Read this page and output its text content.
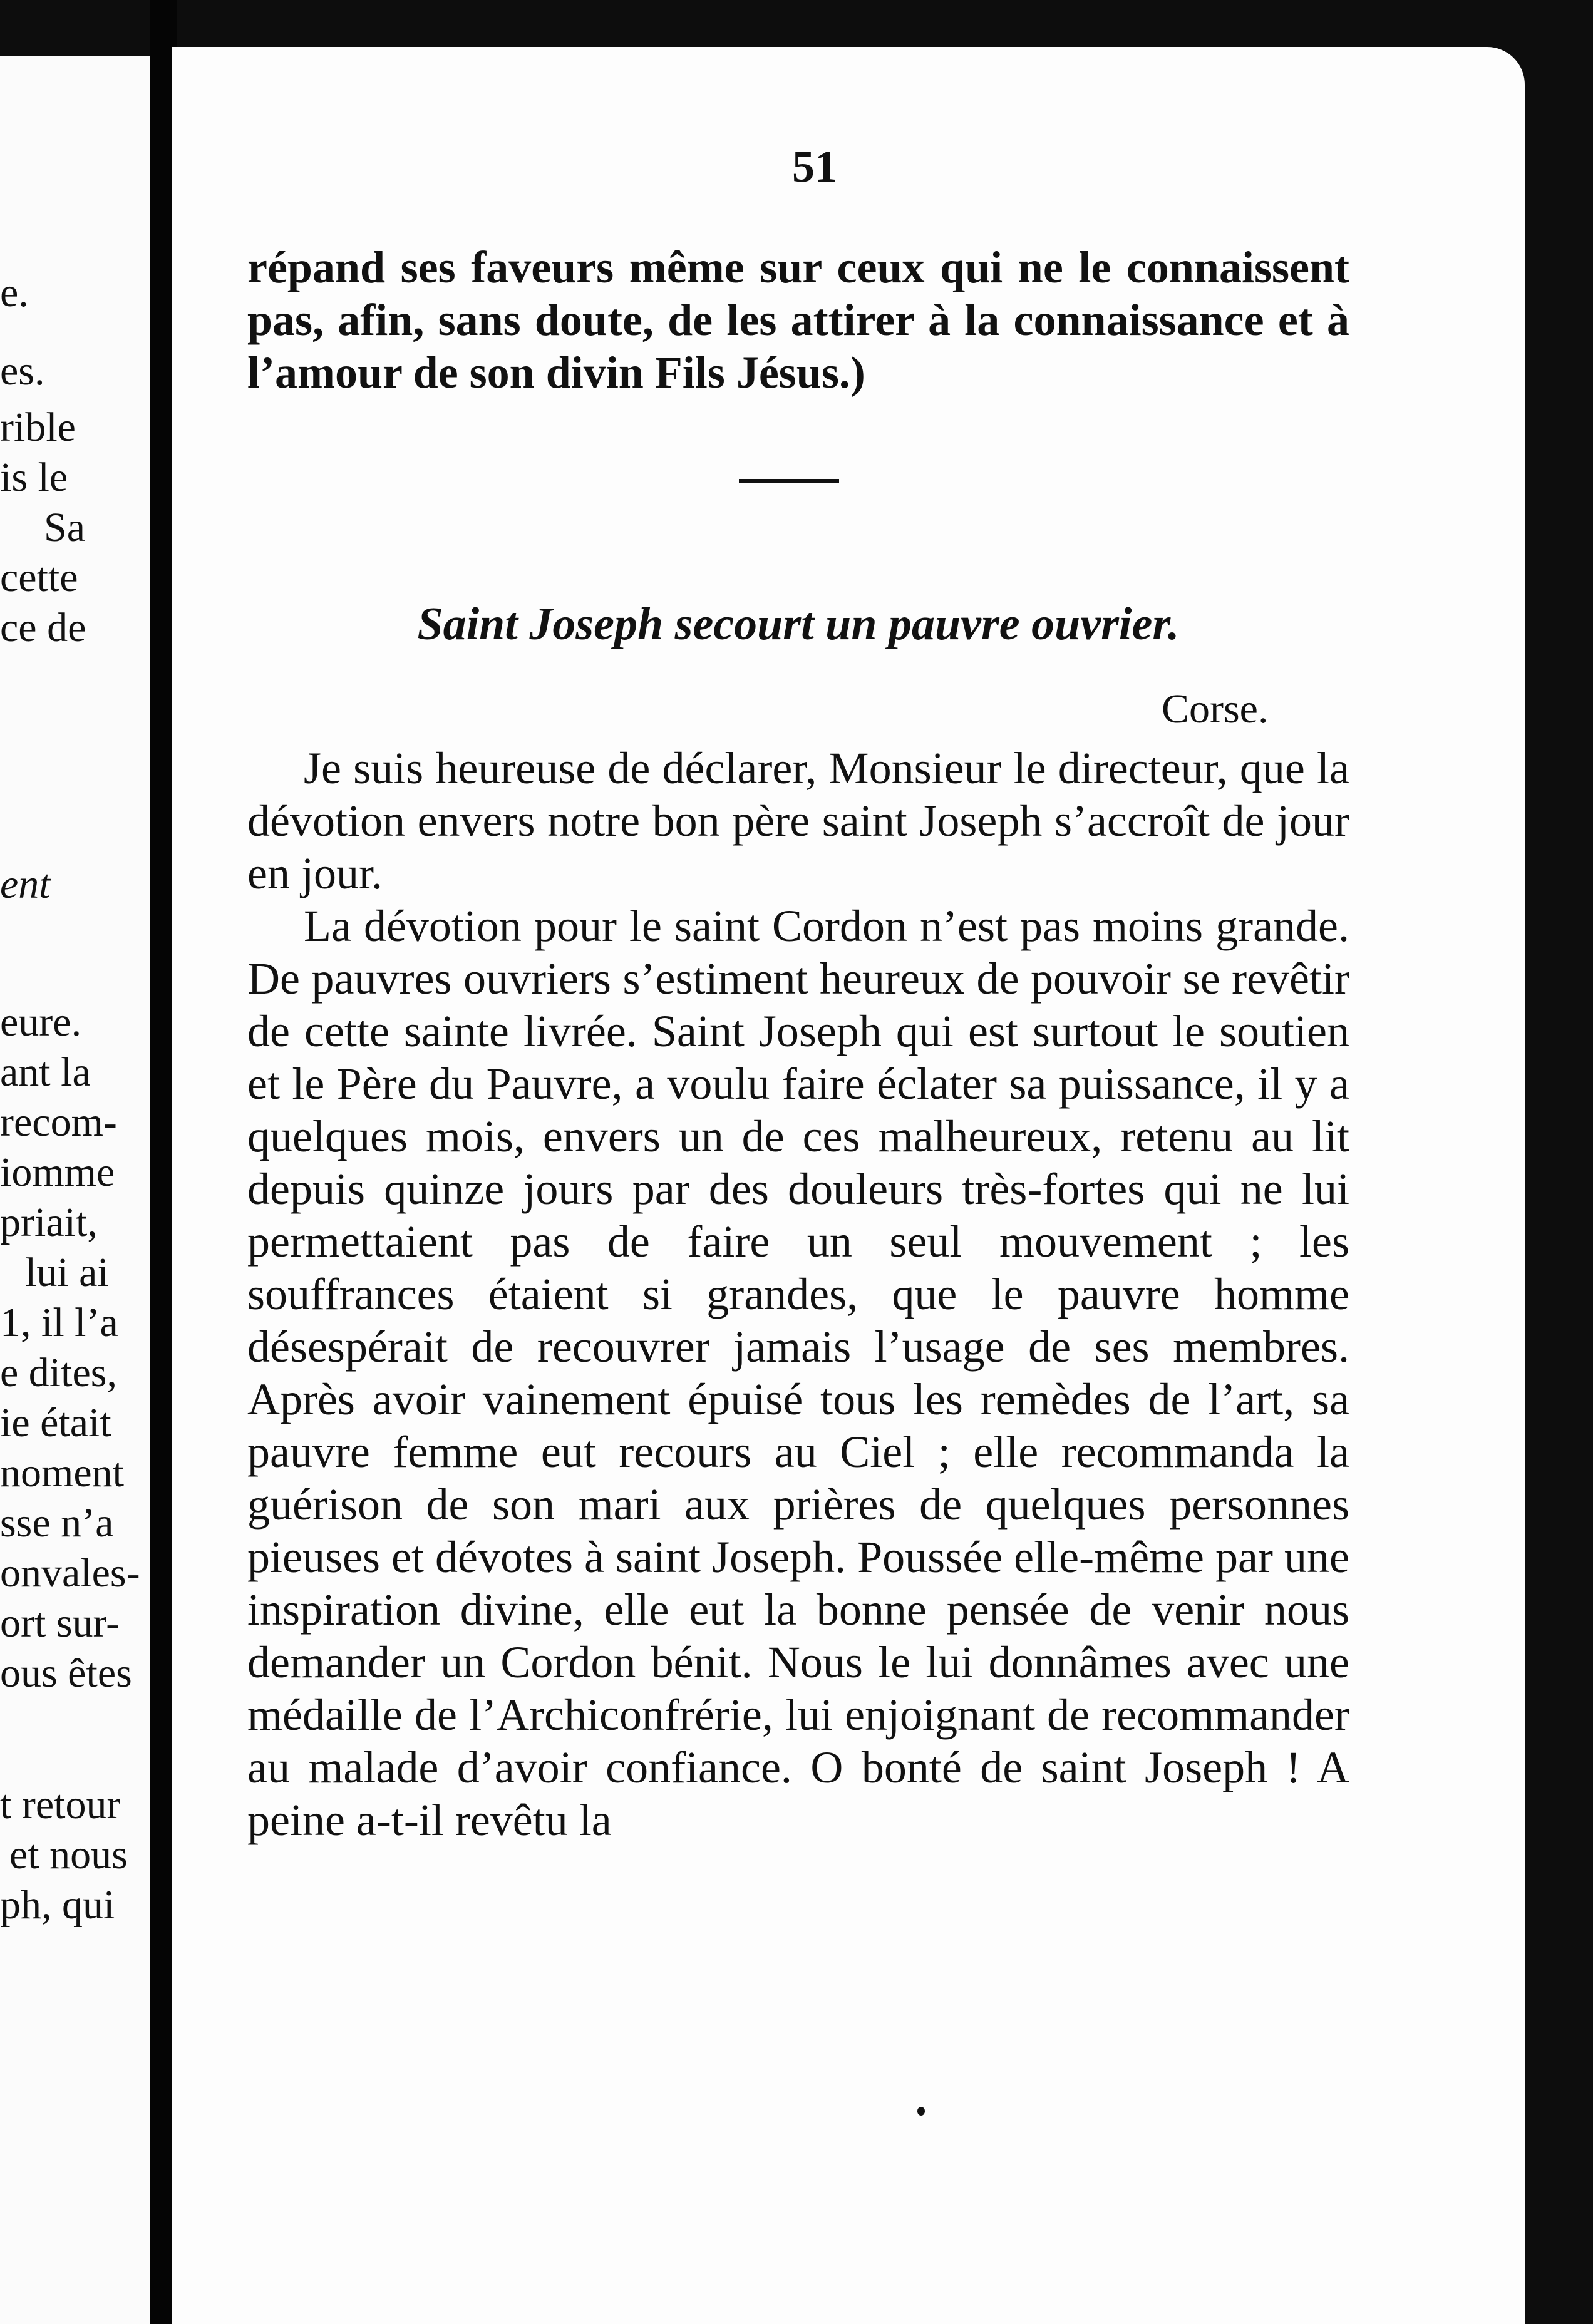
e.
es.
rible
is le
Sa
cette
ce de
ent
eure.
ant la
recom-
iomme
priait,
lui ai
1, il l’a
e dites,
ie était
noment
sse n’a
onvales-
ort sur-
ous êtes
t retour
et nous
ph, qui
51
répand ses faveurs même sur ceux qui ne le connaissent pas, afin, sans doute, de les attirer à la connaissance et à l’amour de son divin Fils Jésus.)
Saint Joseph secourt un pauvre ouvrier.
Corse.
Je suis heureuse de déclarer, Monsieur le directeur, que la dévotion envers notre bon père saint Joseph s’accroît de jour en jour.
La dévotion pour le saint Cordon n’est pas moins grande. De pauvres ouvriers s’estiment heureux de pouvoir se revêtir de cette sainte livrée. Saint Joseph qui est surtout le soutien et le Père du Pauvre, a voulu faire éclater sa puissance, il y a quelques mois, envers un de ces malheureux, retenu au lit depuis quinze jours par des douleurs très-fortes qui ne lui permettaient pas de faire un seul mouvement ; les souffrances étaient si grandes, que le pauvre homme désespérait de recouvrer jamais l’usage de ses membres. Après avoir vainement épuisé tous les remèdes de l’art, sa pauvre femme eut recours au Ciel ; elle recommanda la guérison de son mari aux prières de quelques personnes pieuses et dévotes à saint Joseph. Poussée elle-même par une inspiration divine, elle eut la bonne pensée de venir nous demander un Cordon bénit. Nous le lui donnâmes avec une médaille de l’Archiconfrérie, lui enjoignant de recommander au malade d’avoir confiance. O bonté de saint Joseph ! A peine a-t-il revêtu la
